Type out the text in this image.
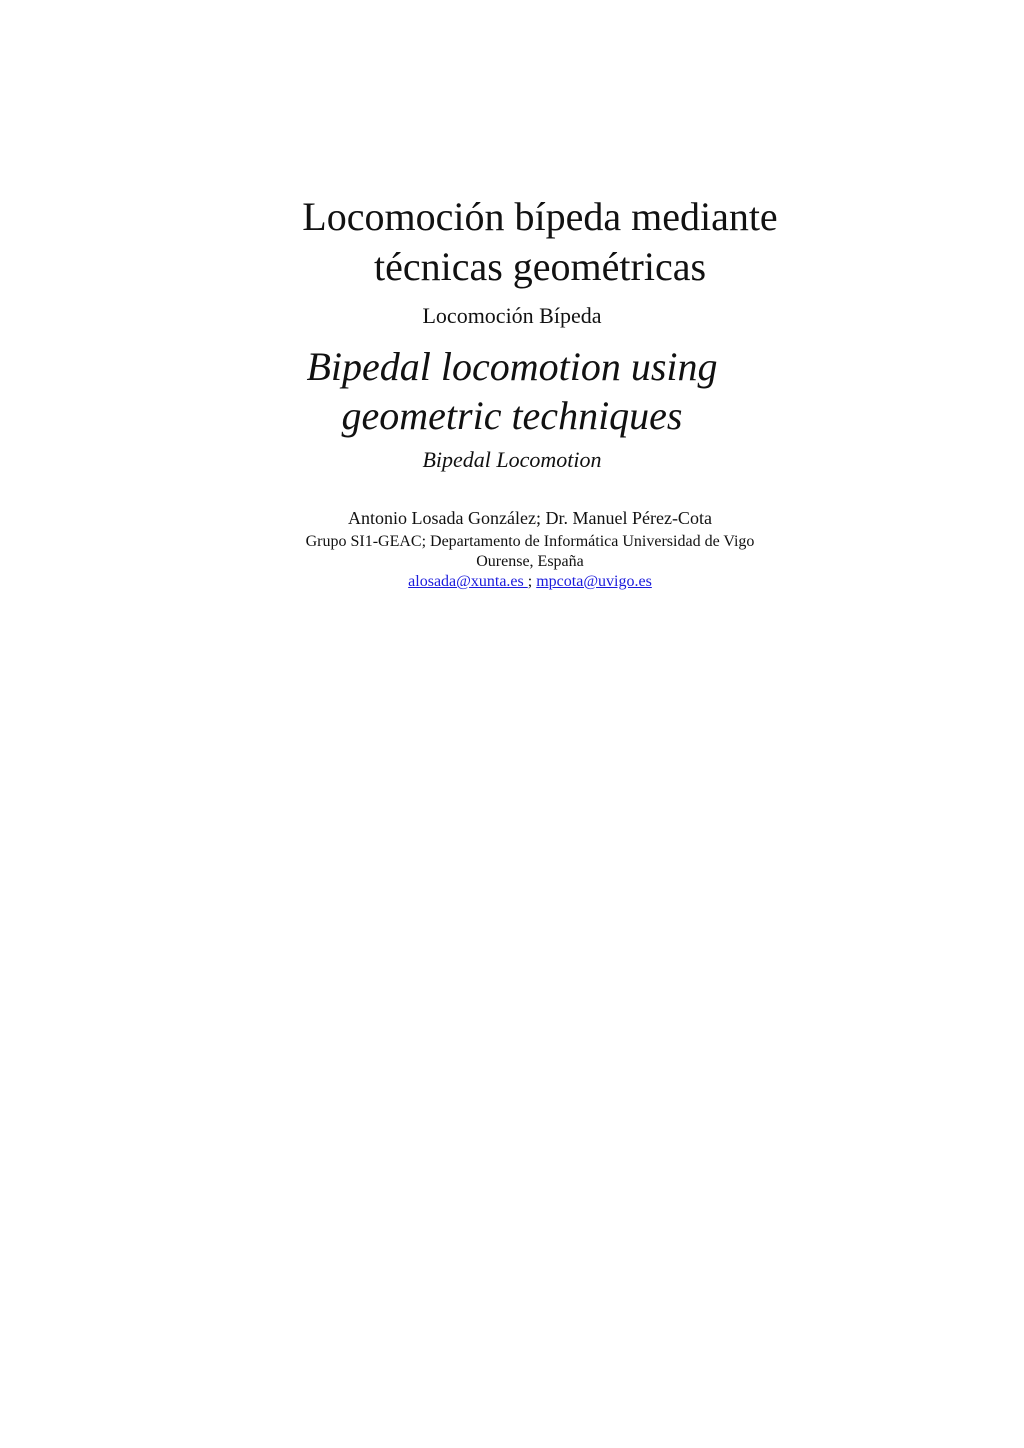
Locomoción bípeda mediante
técnicas geométricas

Locomoción Bípeda

Bipedal locomotion using
geometric techniques

Bipedal Locomotion

Antonio Losada González; Dr. Manuel Pérez-Cota

Grupo SI1-GEAC; Departamento de Informática Universidad de Vigo

Ourense, España

alosada@xunta.es ; mpcota@uvigo.es
